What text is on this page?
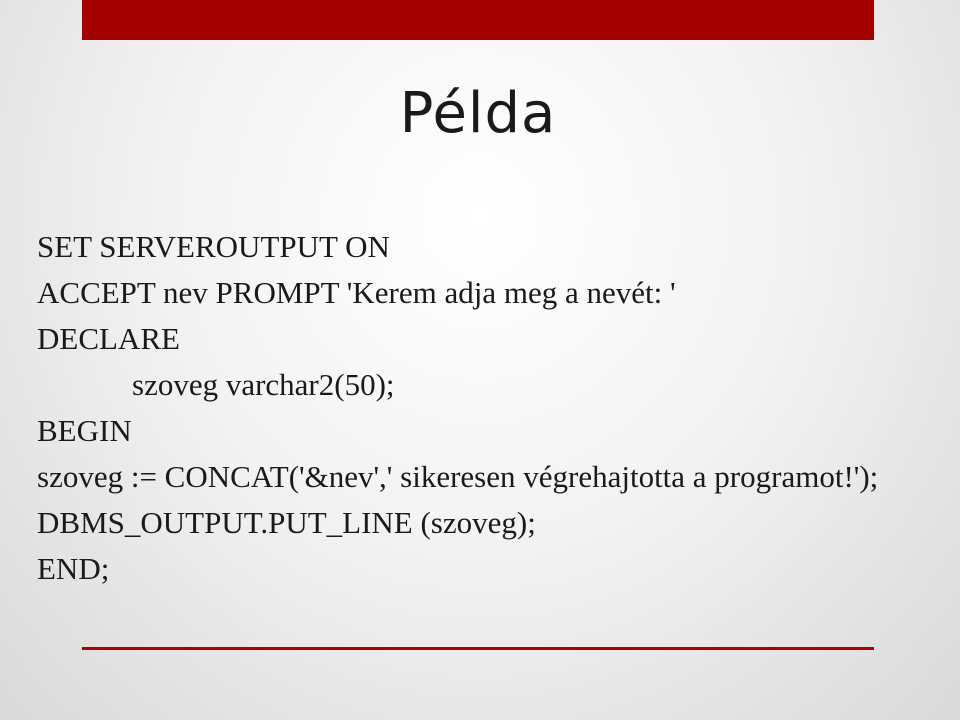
Példa
SET SERVEROUTPUT ON
ACCEPT nev PROMPT 'Kerem adja meg a nevét: '
DECLARE
szoveg varchar2(50);
BEGIN
szoveg := CONCAT('&nev',' sikeresen végrehajtotta a programot!');
DBMS_OUTPUT.PUT_LINE (szoveg);
END;
